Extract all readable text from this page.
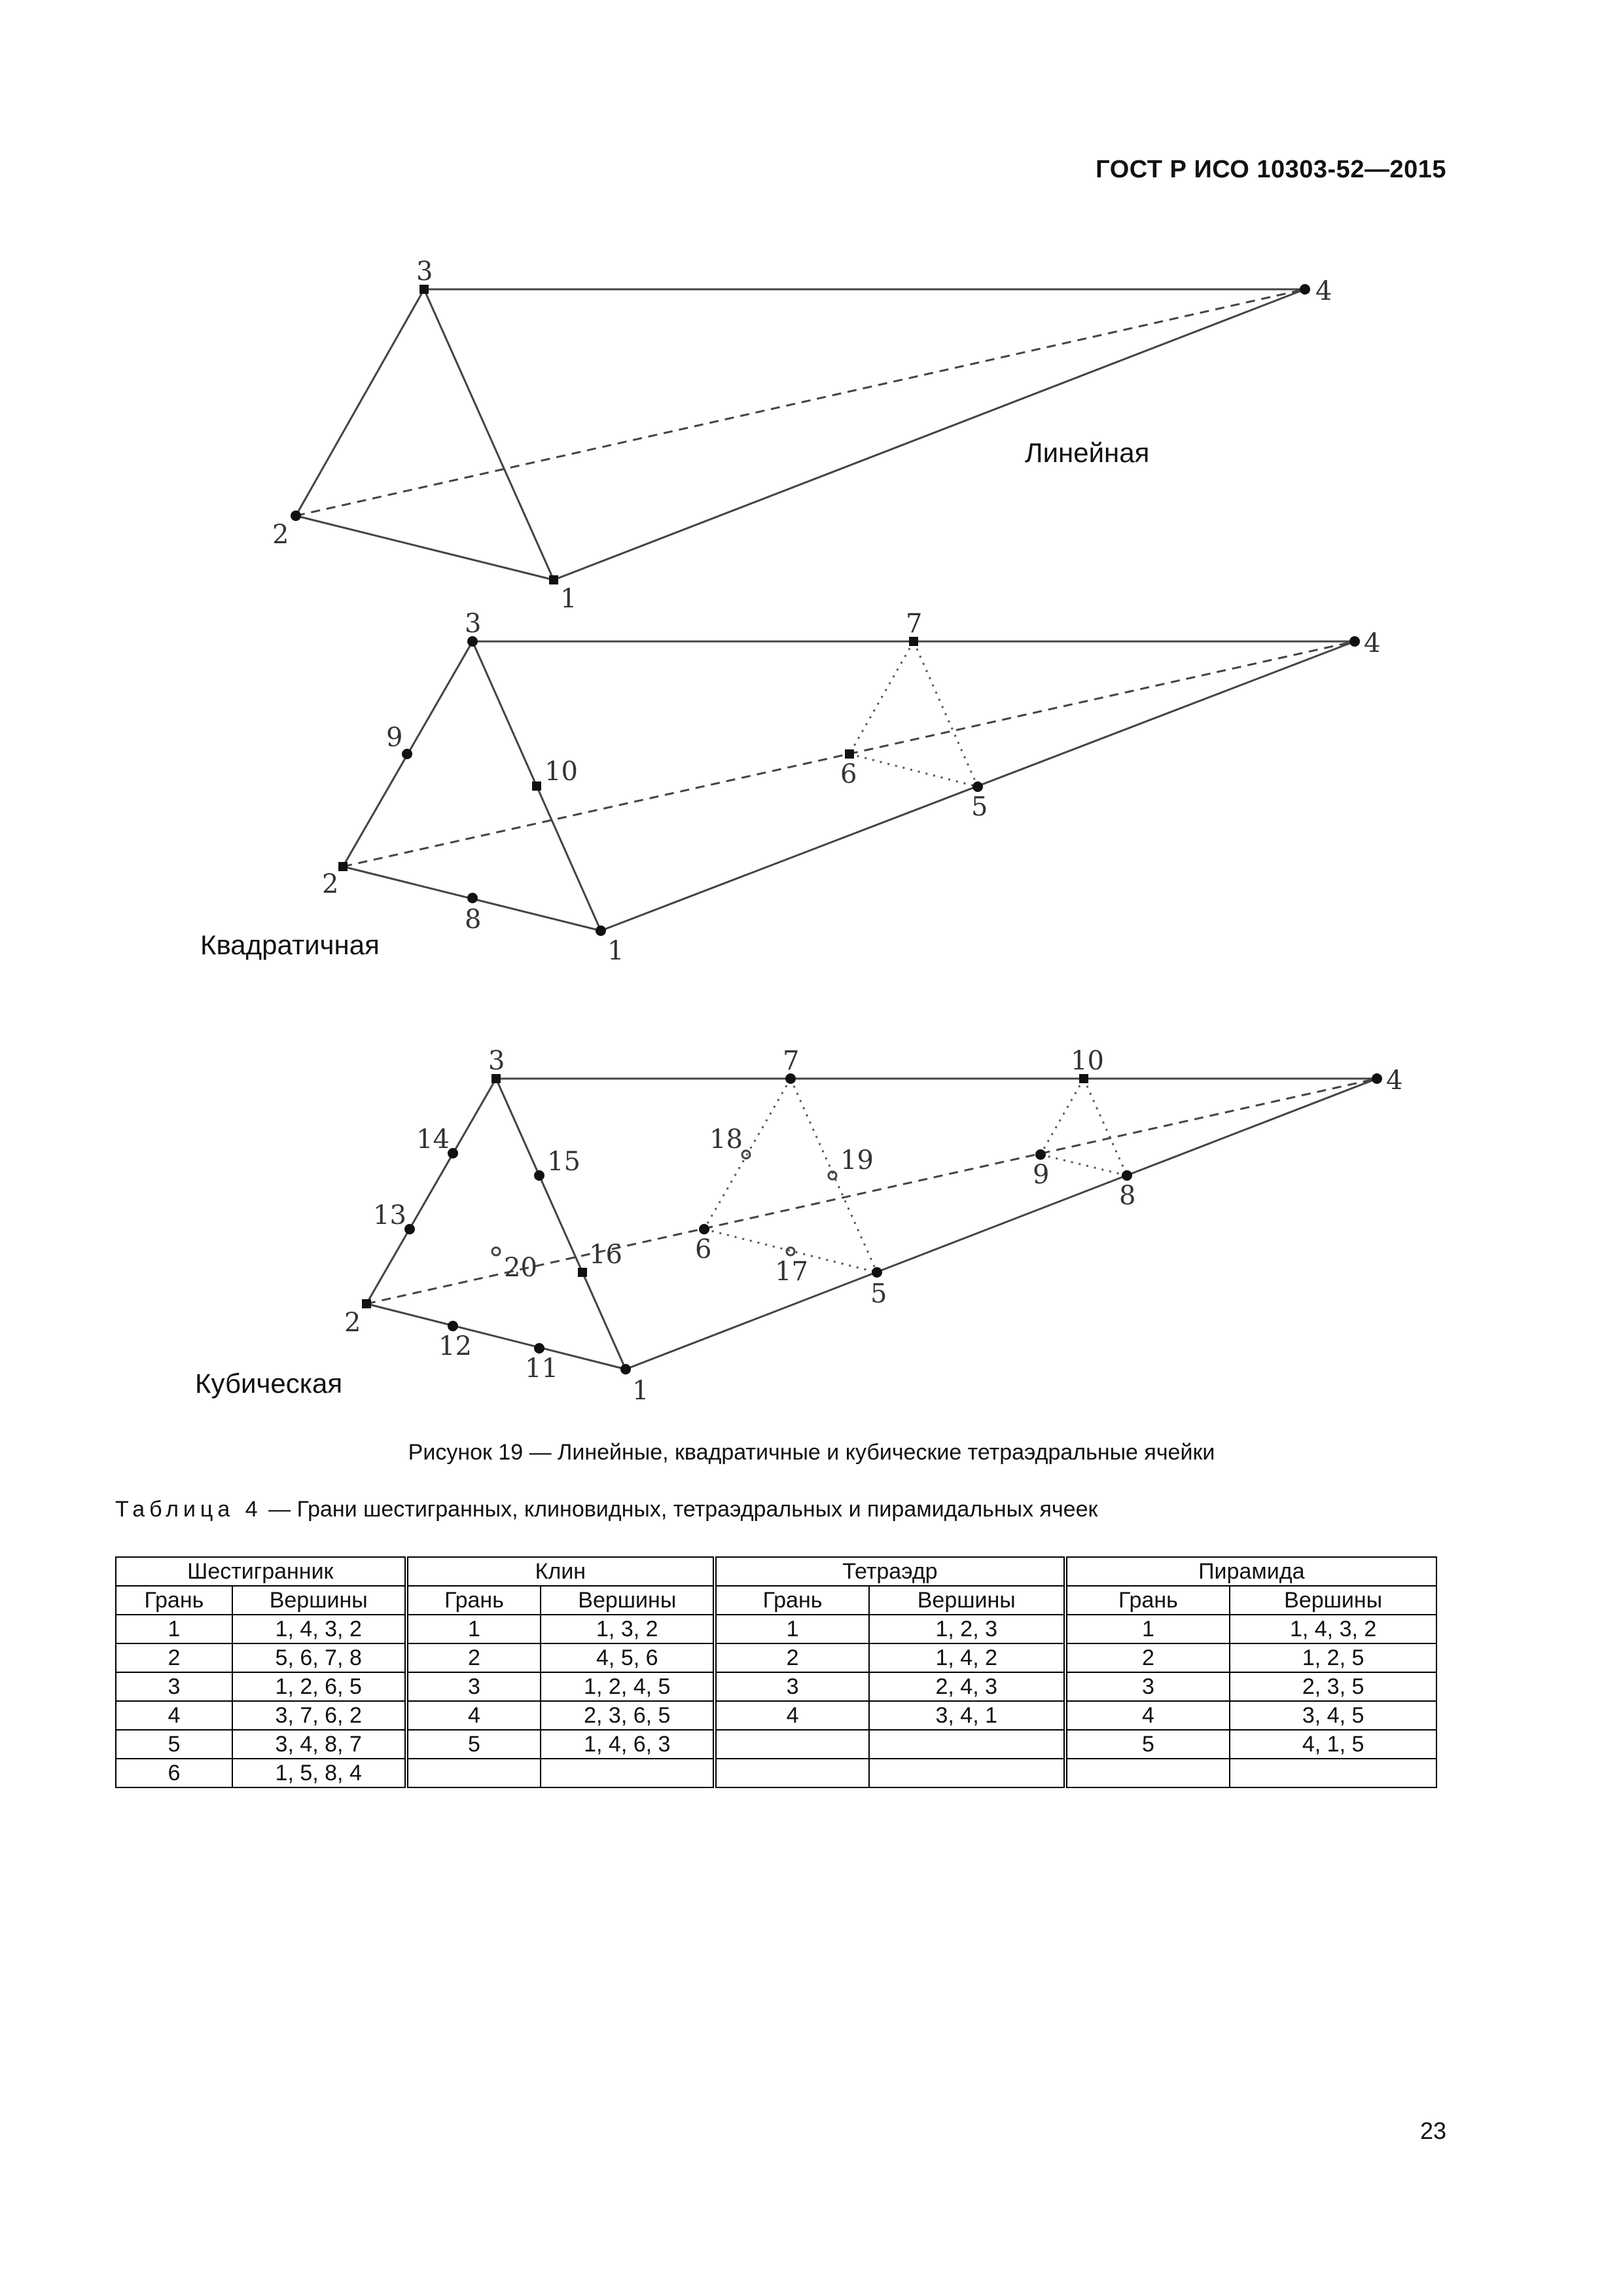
ГОСТ Р ИСО 10303-52—2015
3
2
1
4
Линейная
3	7
4
9
10	6
5
2
8
1
Квадратичная
3	7	10
4
14
15
18
19
13
20 16	6
17
5
9
8
2
12
11
1
Кубическая
Рисунок 19 — Линейные, квадратичные и кубические тетраэдральные ячейки
Таблица 4 — Грани шестигранных, клиновидных, тетраэдральных и пирамидальных ячеек
Шестигранник		Клин		Тетраэдр		Пирамида	
Грань	Вершины	Грань	Вершины	Грань	Вершины	Грань	Вершины
1	1, 4, 3, 2	1	1, 3, 2	1	1, 2, 3	1	1, 4, 3, 2
2	5, 6, 7, 8	2	4, 5, 6	2	1, 4, 2	2	1, 2, 5
3	1, 2, 6, 5	3	1, 2, 4, 5	3	2, 4, 3	3	2, 3, 5
4	3, 7, 6, 2	4	2, 3, 6, 5	4	3, 4, 1	4	3, 4, 5
5	3, 4, 8, 7	5	1, 4, 6, 3			5	4, 1, 5
6	1, 5, 8, 4						
23
